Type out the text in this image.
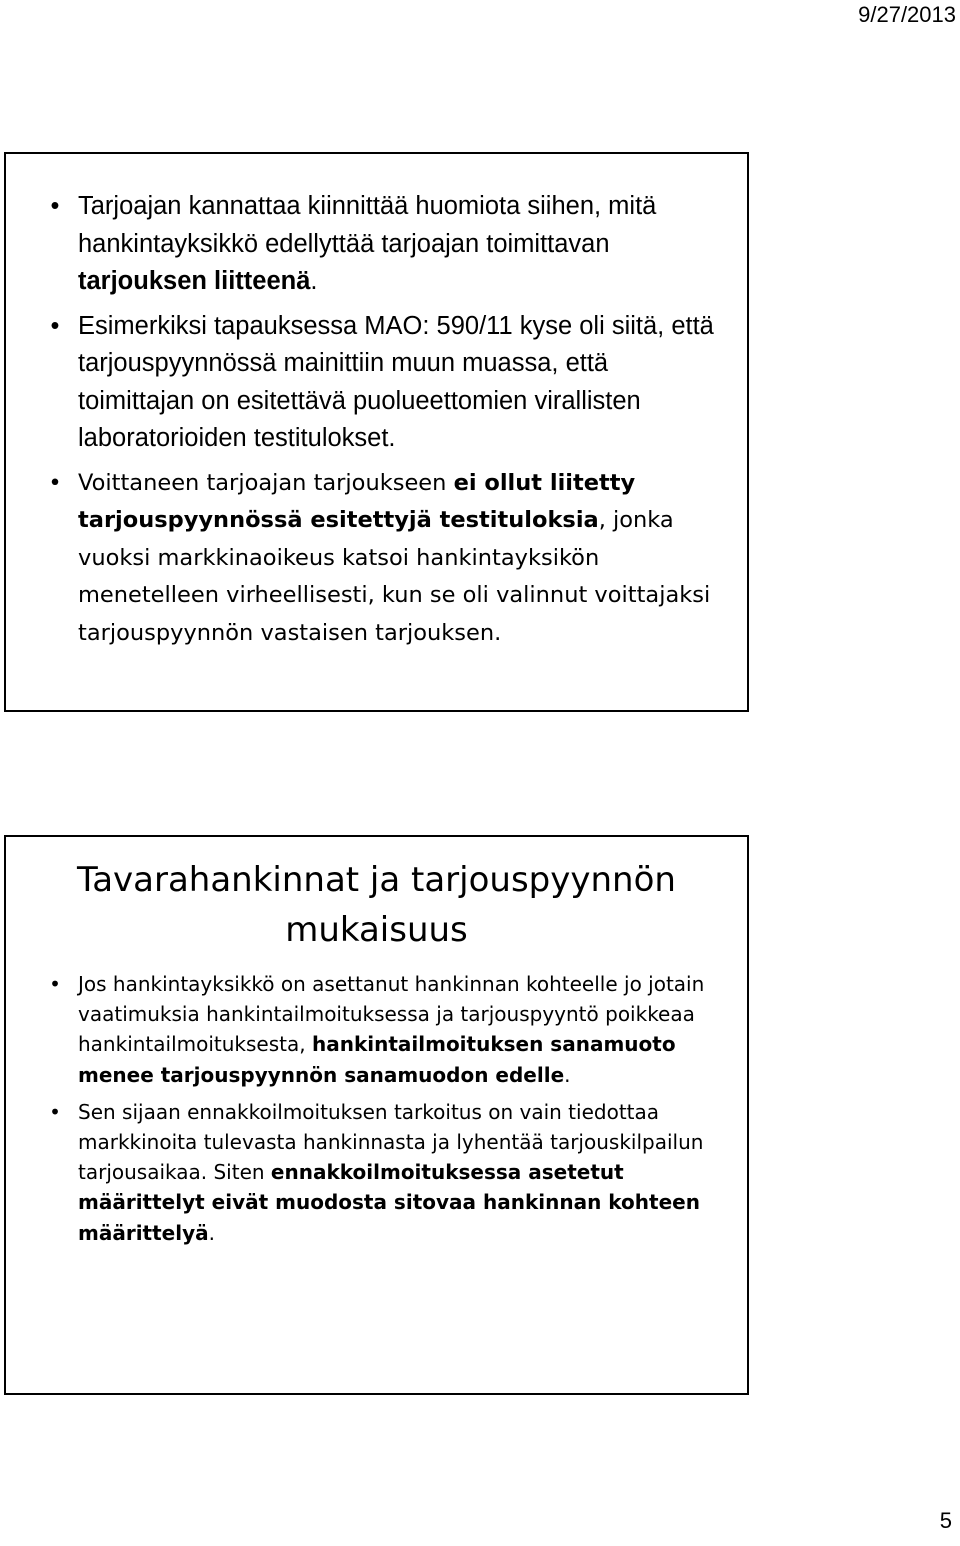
9/27/2013
• Tarjoajan kannattaa kiinnittää huomiota siihen, mitä hankintayksikkö edellyttää tarjoajan toimittavan tarjouksen liitteenä.
• Esimerkiksi tapauksessa MAO: 590/11 kyse oli siitä, että tarjouspyynnössä mainittiin muun muassa, että toimittajan on esitettävä puolueettomien virallisten laboratorioiden testitulokset.
• Voittaneen tarjoajan tarjoukseen ei ollut liitetty tarjouspyynnössä esitettyjä testituloksia, jonka vuoksi markkinaoikeus katsoi hankintayksikön menetelleen virheellisesti, kun se oli valinnut voittajaksi tarjouspyynnön vastaisen tarjouksen.
Tavarahankinnat ja tarjouspyynnön mukaisuus
• Jos hankintayksikkö on asettanut hankinnan kohteelle jo jotain vaatimuksia hankintailmoituksessa ja tarjouspyyntö poikkeaa hankintailmoituksesta, hankintailmoituksen sanamuoto menee tarjouspyynnön sanamuodon edelle.
• Sen sijaan ennakkoilmoituksen tarkoitus on vain tiedottaa markkinoita tulevasta hankinnasta ja lyhentää tarjouskilpailun tarjousaikaa. Siten ennakkoilmoituksessa asetetut määrittelyt eivät muodosta sitovaa hankinnan kohteen määrittelyä.
5
